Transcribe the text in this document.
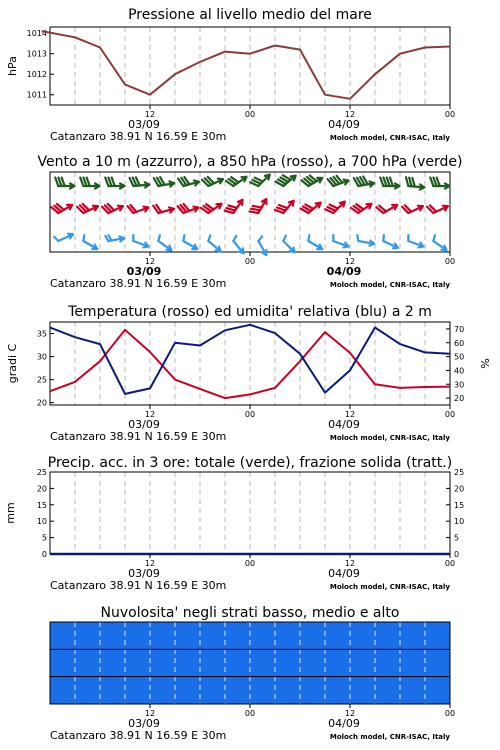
Pressione al livello medio del mare
1014
1013
1012
1011
hPa
12	00	12	00
03/09	04/09
Catanzaro 38.91 N 16.59 E 30m	Moloch model, CNR-ISAC, Italy
Vento a 10 m (azzurro), a 850 hPa (rosso), a 700 hPa (verde)
12	00	12	00
03/09	04/09
Catanzaro 38.91 N 16.59 E 30m	Moloch model, CNR-ISAC, Italy
Temperatura (rosso) ed umidita' relativa (blu) a 2 m
35
30
25
20
70
60
50
40
30
20
gradi C	%
12	00	12	00
03/09	04/09
Catanzaro 38.91 N 16.59 E 30m	Moloch model, CNR-ISAC, Italy
Precip. acc. in 3 ore: totale (verde), frazione solida (tratt.)
25	25
20	20
15	15
10	10
5	5
0	0
mm
12	00	12	00
03/09	04/09
Catanzaro 38.91 N 16.59 E 30m	Moloch model, CNR-ISAC, Italy
Nuvolosita' negli strati basso, medio e alto
12	00	12	00
03/09	04/09
Catanzaro 38.91 N 16.59 E 30m	Moloch model, CNR-ISAC, Italy
